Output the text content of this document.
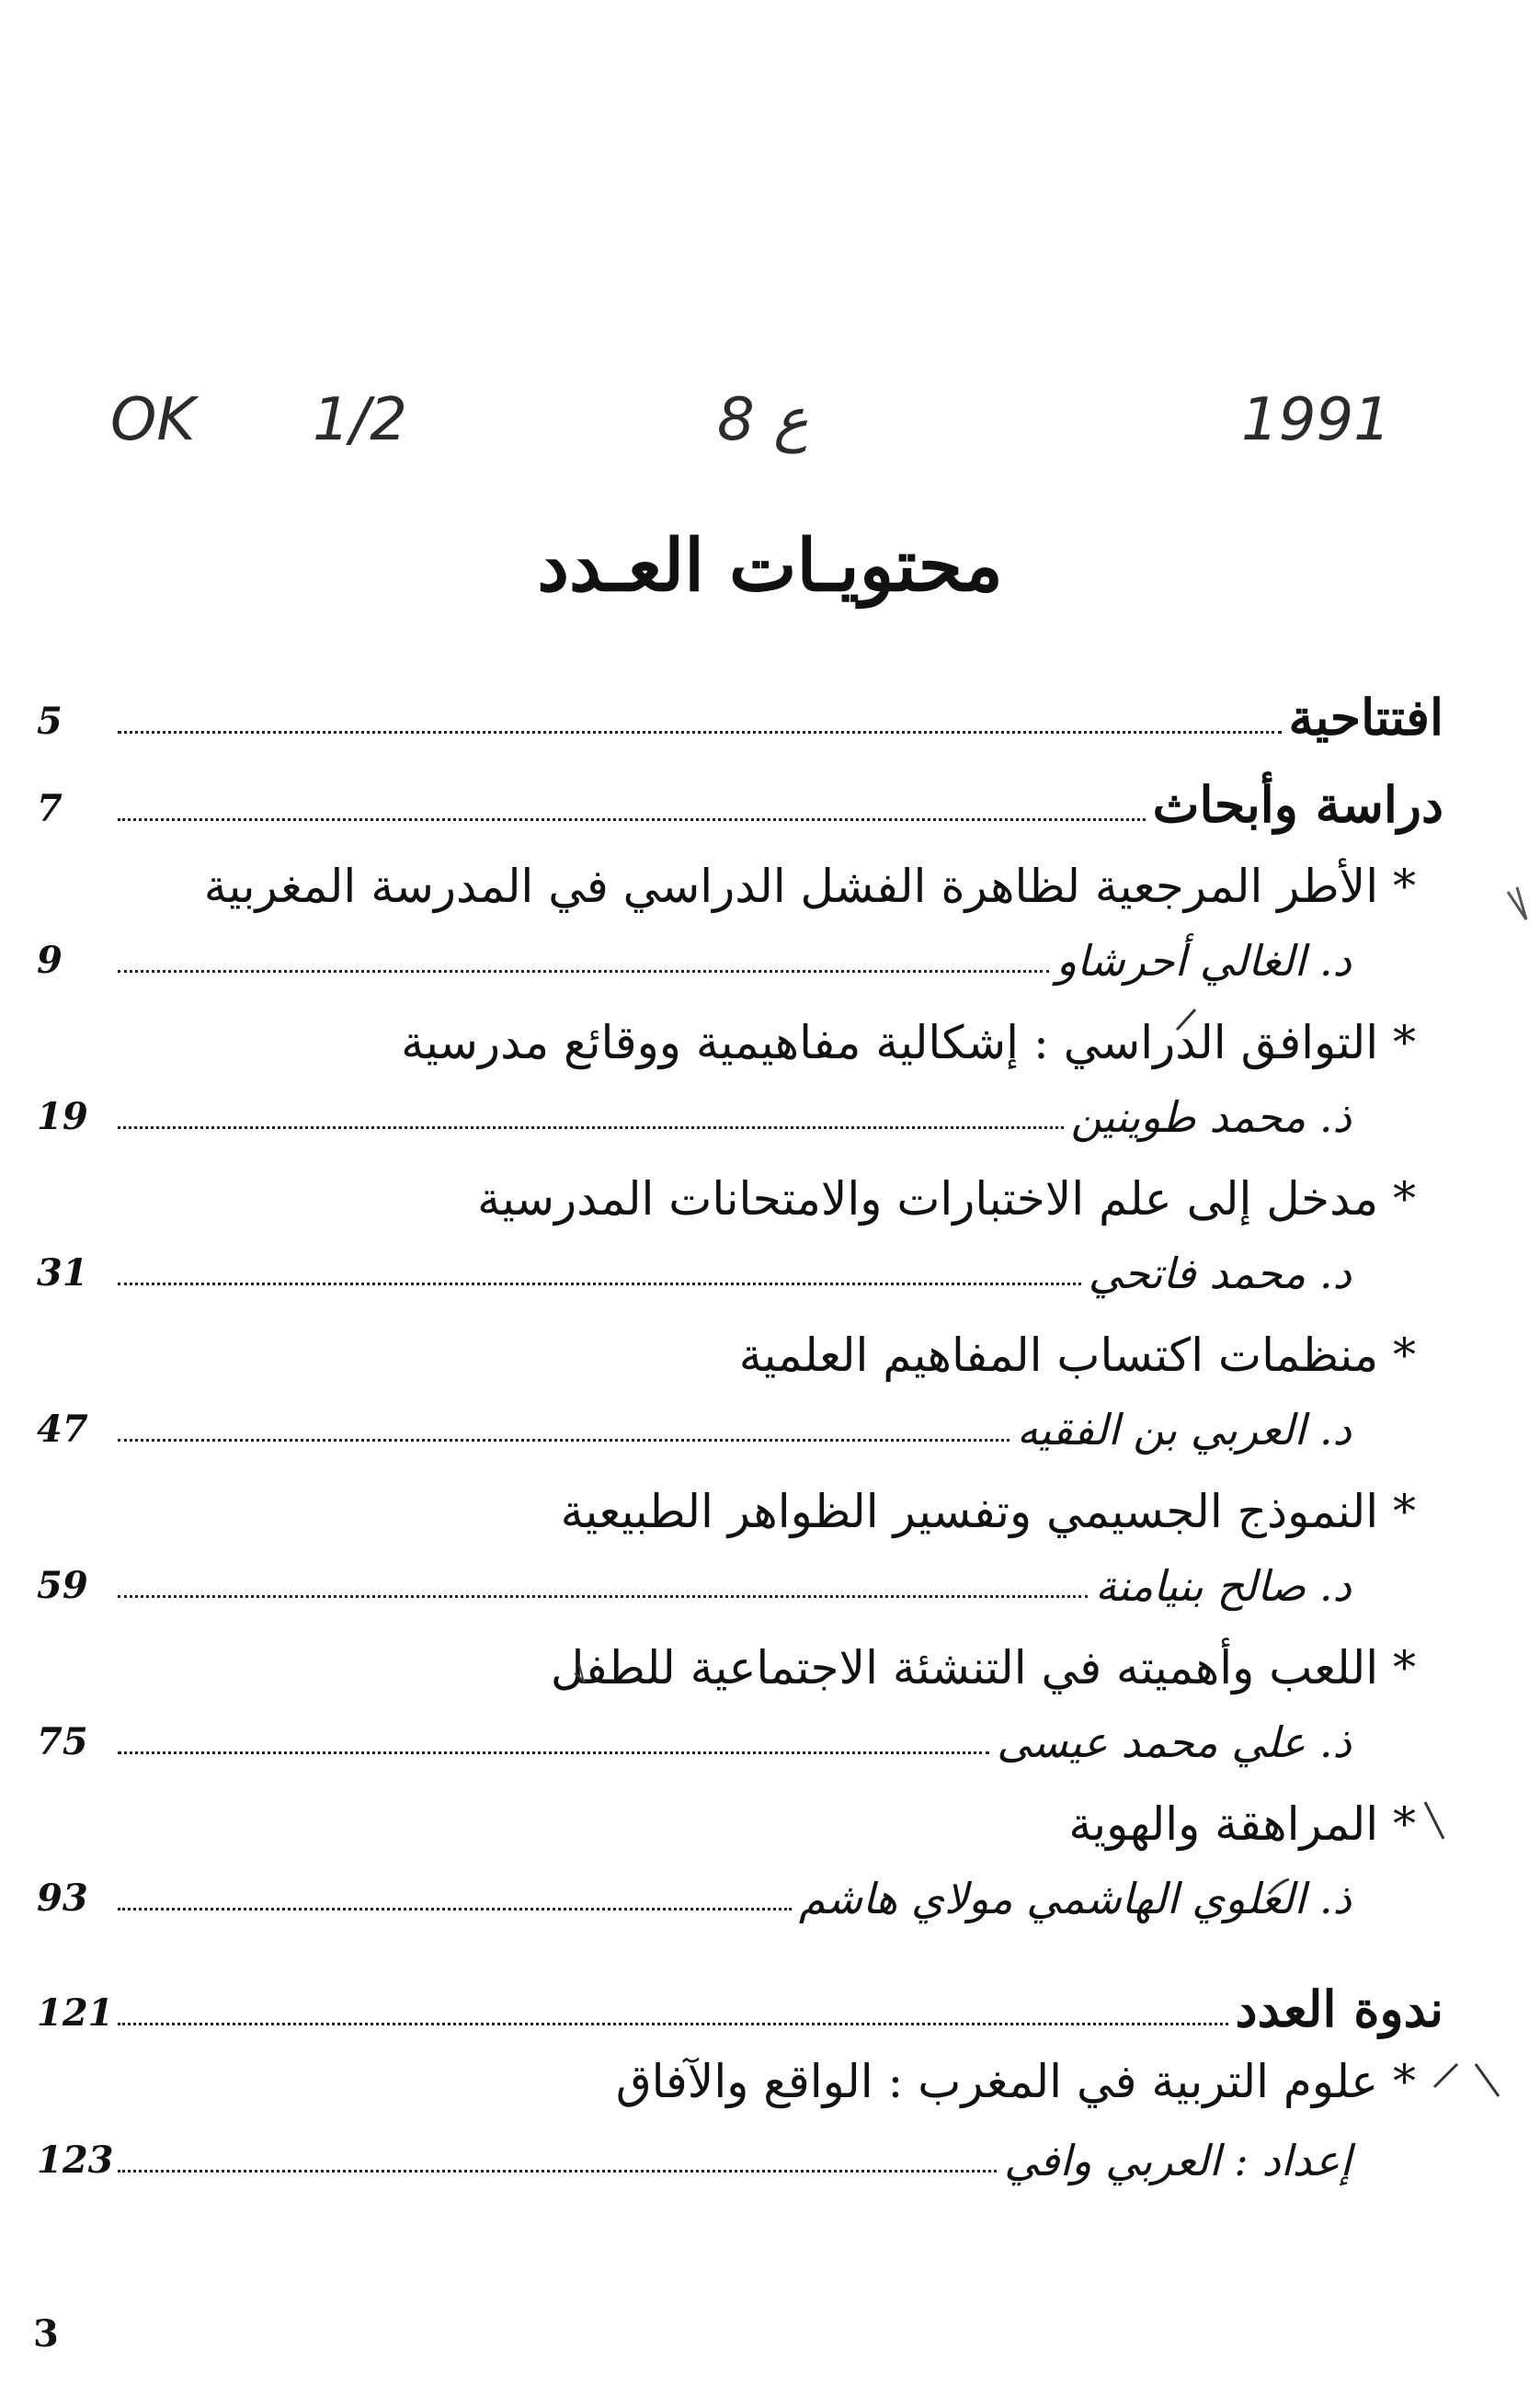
OK 1/2	8 ع	1991
محتويـات العـدد
5	افتتاحية
7	دراسة وأبحاث
* الأطر المرجعية لظاهرة الفشل الدراسي في المدرسة المغربية
9	د. الغالي أحرشاو
* التوافق الدراسي : إشكالية مفاهيمية ووقائع مدرسية
19	ذ. محمد طوينين
* مدخل إلى علم الاختبارات والامتحانات المدرسية
31	د. محمد فاتحي
* منظمات اكتساب المفاهيم العلمية
47	د. العربي بن الفقيه
* النموذج الجسيمي وتفسير الظواهر الطبيعية
59	د. صالح بنيامنة
* اللعب وأهميته في التنشئة الاجتماعية للطفل
75	ذ. علي محمد عيسى
* المراهقة والهوية
93	ذ. العلوي الهاشمي مولاي هاشم
121	ندوة العدد
* علوم التربية في المغرب : الواقع والآفاق
123	إعداد : العربي وافي
3
